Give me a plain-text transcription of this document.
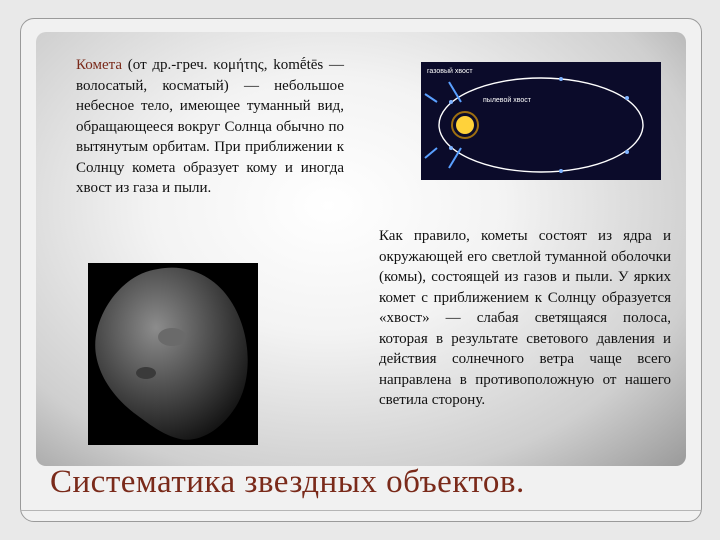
Комета (от др.-греч. κομήτης, komḗtēs — волосатый, косматый) — небольшое небесное тело, имеющее туманный вид, обращающееся вокруг Солнца обычно по вытянутым орбитам. При приближении к Солнцу комета образует кому и иногда хвост из газа и пыли.
газовый хвост
пылевой хвост
Как правило, кометы состоят из ядра и окружающей его светлой туманной оболочки (комы), состоящей из газов и пыли. У ярких комет с приближением к Солнцу образуется «хвост» — слабая светящаяся полоса, которая в результате светового давления и действия солнечного ветра чаще всего направлена в противоположную от нашего светила сторону.
Систематика звездных объектов.
